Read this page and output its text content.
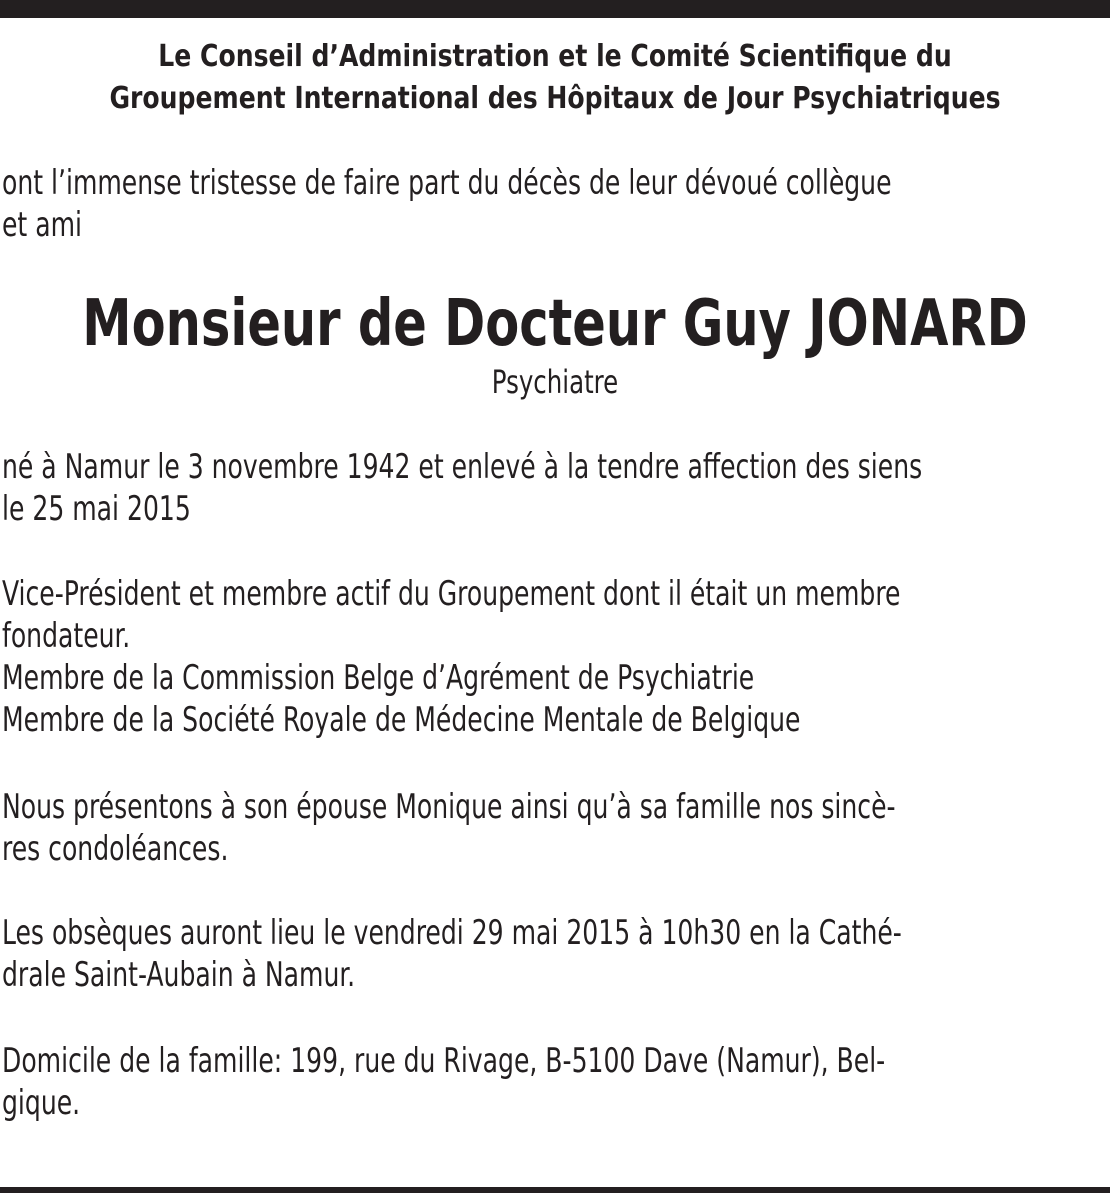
Le Conseil d’Administration et le Comité Scientifique du
Groupement International des Hôpitaux de Jour Psychiatriques
ont l’immense tristesse de faire part du décès de leur dévoué collègue
et ami
Monsieur de Docteur Guy JONARD
Psychiatre
né à Namur le 3 novembre 1942 et enlevé à la tendre affection des siens
le 25 mai 2015
Vice-Président et membre actif du Groupement dont il était un membre
fondateur.
Membre de la Commission Belge d’Agrément de Psychiatrie
Membre de la Société Royale de Médecine Mentale de Belgique
Nous présentons à son épouse Monique ainsi qu’à sa famille nos sincè-
res condoléances.
Les obsèques auront lieu le vendredi 29 mai 2015 à 10h30 en la Cathé-
drale Saint-Aubain à Namur.
Domicile de la famille: 199, rue du Rivage, B-5100 Dave (Namur), Bel-
gique.
